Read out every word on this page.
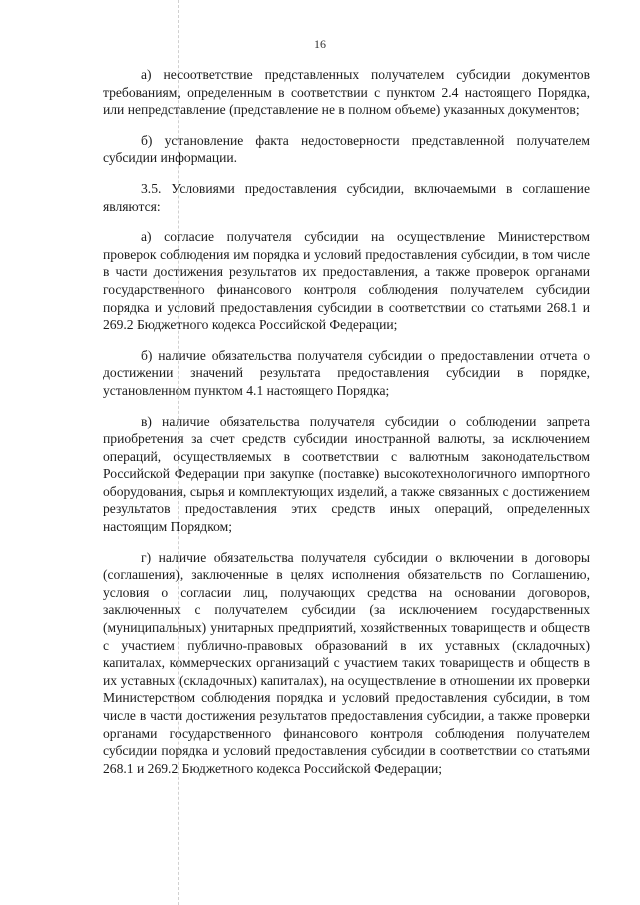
16

а) несоответствие представленных получателем субсидии документов требованиям, определенным в соответствии с пунктом 2.4 настоящего Порядка, или непредставление (представление не в полном объеме) указанных документов;

б) установление факта недостоверности представленной получателем субсидии информации.

3.5. Условиями предоставления субсидии, включаемыми в соглашение являются:

а) согласие получателя субсидии на осуществление Министерством проверок соблюдения им порядка и условий предоставления субсидии, в том числе в части достижения результатов их предоставления, а также проверок органами государственного финансового контроля соблюдения получателем субсидии порядка и условий предоставления субсидии в соответствии со статьями 268.1 и 269.2 Бюджетного кодекса Российской Федерации;

б) наличие обязательства получателя субсидии о предоставлении отчета о достижении значений результата предоставления субсидии в порядке, установленном пунктом 4.1 настоящего Порядка;

в) наличие обязательства получателя субсидии о соблюдении запрета приобретения за счет средств субсидии иностранной валюты, за исключением операций, осуществляемых в соответствии с валютным законодательством Российской Федерации при закупке (поставке) высокотехнологичного импортного оборудования, сырья и комплектующих изделий, а также связанных с достижением результатов предоставления этих средств иных операций, определенных настоящим Порядком;

г) наличие обязательства получателя субсидии о включении в договоры (соглашения), заключенные в целях исполнения обязательств по Соглашению, условия о согласии лиц, получающих средства на основании договоров, заключенных с получателем субсидии (за исключением государственных (муниципальных) унитарных предприятий, хозяйственных товариществ и обществ с участием публично-правовых образований в их уставных (складочных) капиталах, коммерческих организаций с участием таких товариществ и обществ в их уставных (складочных) капиталах), на осуществление в отношении их проверки Министерством соблюдения порядка и условий предоставления субсидии, в том числе в части достижения результатов предоставления субсидии, а также проверки органами государственного финансового контроля соблюдения получателем субсидии порядка и условий предоставления субсидии в соответствии со статьями 268.1 и 269.2 Бюджетного кодекса Российской Федерации;
